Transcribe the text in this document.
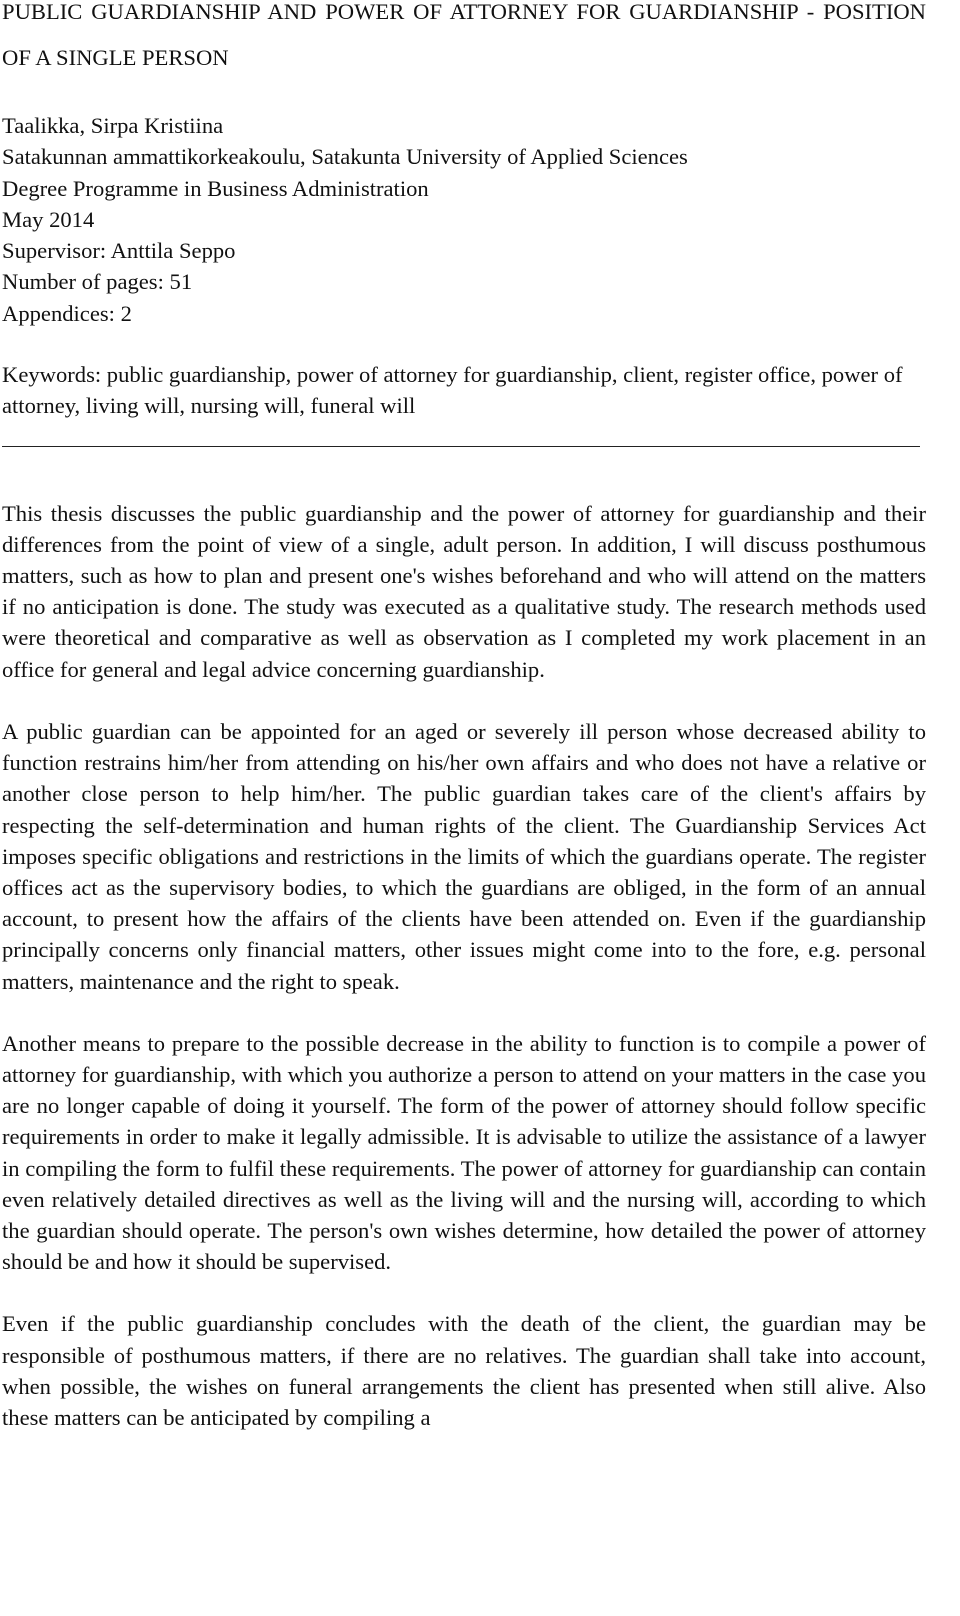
PUBLIC GUARDIANSHIP AND POWER OF ATTORNEY FOR GUARDIANSHIP - POSITION OF A SINGLE PERSON
Taalikka, Sirpa Kristiina
Satakunnan ammattikorkeakoulu, Satakunta University of Applied Sciences
Degree Programme in Business Administration
May 2014
Supervisor: Anttila Seppo
Number of pages: 51
Appendices: 2
Keywords: public guardianship, power of attorney for guardianship, client, register office, power of attorney, living will, nursing will, funeral will

This thesis discusses the public guardianship and the power of attorney for guardianship and their differences from the point of view of a single, adult person. In addition, I will discuss posthumous matters, such as how to plan and present one's wishes beforehand and who will attend on the matters if no anticipation is done. The study was executed as a qualitative study. The research methods used were theoretical and comparative as well as observation as I completed my work placement in an office for general and legal advice concerning guardianship.

A public guardian can be appointed for an aged or severely ill person whose decreased ability to function restrains him/her from attending on his/her own affairs and who does not have a relative or another close person to help him/her. The public guardian takes care of the client's affairs by respecting the self-determination and human rights of the client. The Guardianship Services Act imposes specific obligations and restrictions in the limits of which the guardians operate. The register offices act as the supervisory bodies, to which the guardians are obliged, in the form of an annual account, to present how the affairs of the clients have been attended on. Even if the guardianship principally concerns only financial matters, other issues might come into to the fore, e.g. personal matters, maintenance and the right to speak.

Another means to prepare to the possible decrease in the ability to function is to compile a power of attorney for guardianship, with which you authorize a person to attend on your matters in the case you are no longer capable of doing it yourself. The form of the power of attorney should follow specific requirements in order to make it legally admissible. It is advisable to utilize the assistance of a lawyer in compiling the form to fulfil these requirements. The power of attorney for guardianship can contain even relatively detailed directives as well as the living will and the nursing will, according to which the guardian should operate. The person's own wishes determine, how detailed the power of attorney should be and how it should be supervised.

Even if the public guardianship concludes with the death of the client, the guardian may be responsible of posthumous matters, if there are no relatives. The guardian shall take into account, when possible, the wishes on funeral arrangements the client has presented when still alive. Also these matters can be anticipated by compiling a
